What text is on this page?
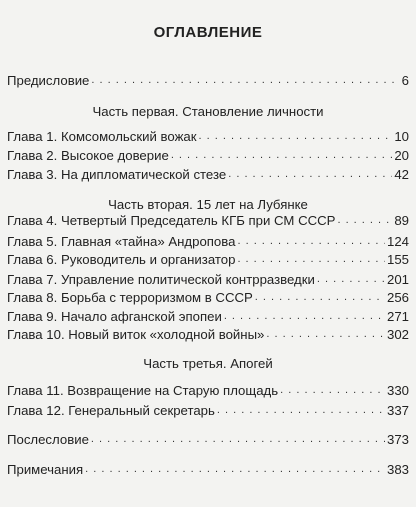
ОГЛАВЛЕНИЕ
Предисловие . . .	6
Часть первая. Становление личности
Глава 1. Комсомольский вожак . . .	10
Глава 2. Высокое доверие . . .	20
Глава 3. На дипломатической стезе . . .	42
Часть вторая. 15 лет на Лубянке
Глава 4. Четвертый Председатель КГБ при СМ СССР . . .	89
Глава 5. Главная «тайна» Андропова . . .	124
Глава 6. Руководитель и организатор . . .	155
Глава 7. Управление политической контрразведки . . .	201
Глава 8. Борьба с терроризмом в СССР . . .	256
Глава 9. Начало афганской эпопеи . . .	271
Глава 10. Новый виток «холодной войны» . . .	302
Часть третья. Апогей
Глава 11. Возвращение на Старую площадь . . .	330
Глава 12. Генеральный секретарь . . .	337
Послесловие . . .	373
Примечания . . .	383
